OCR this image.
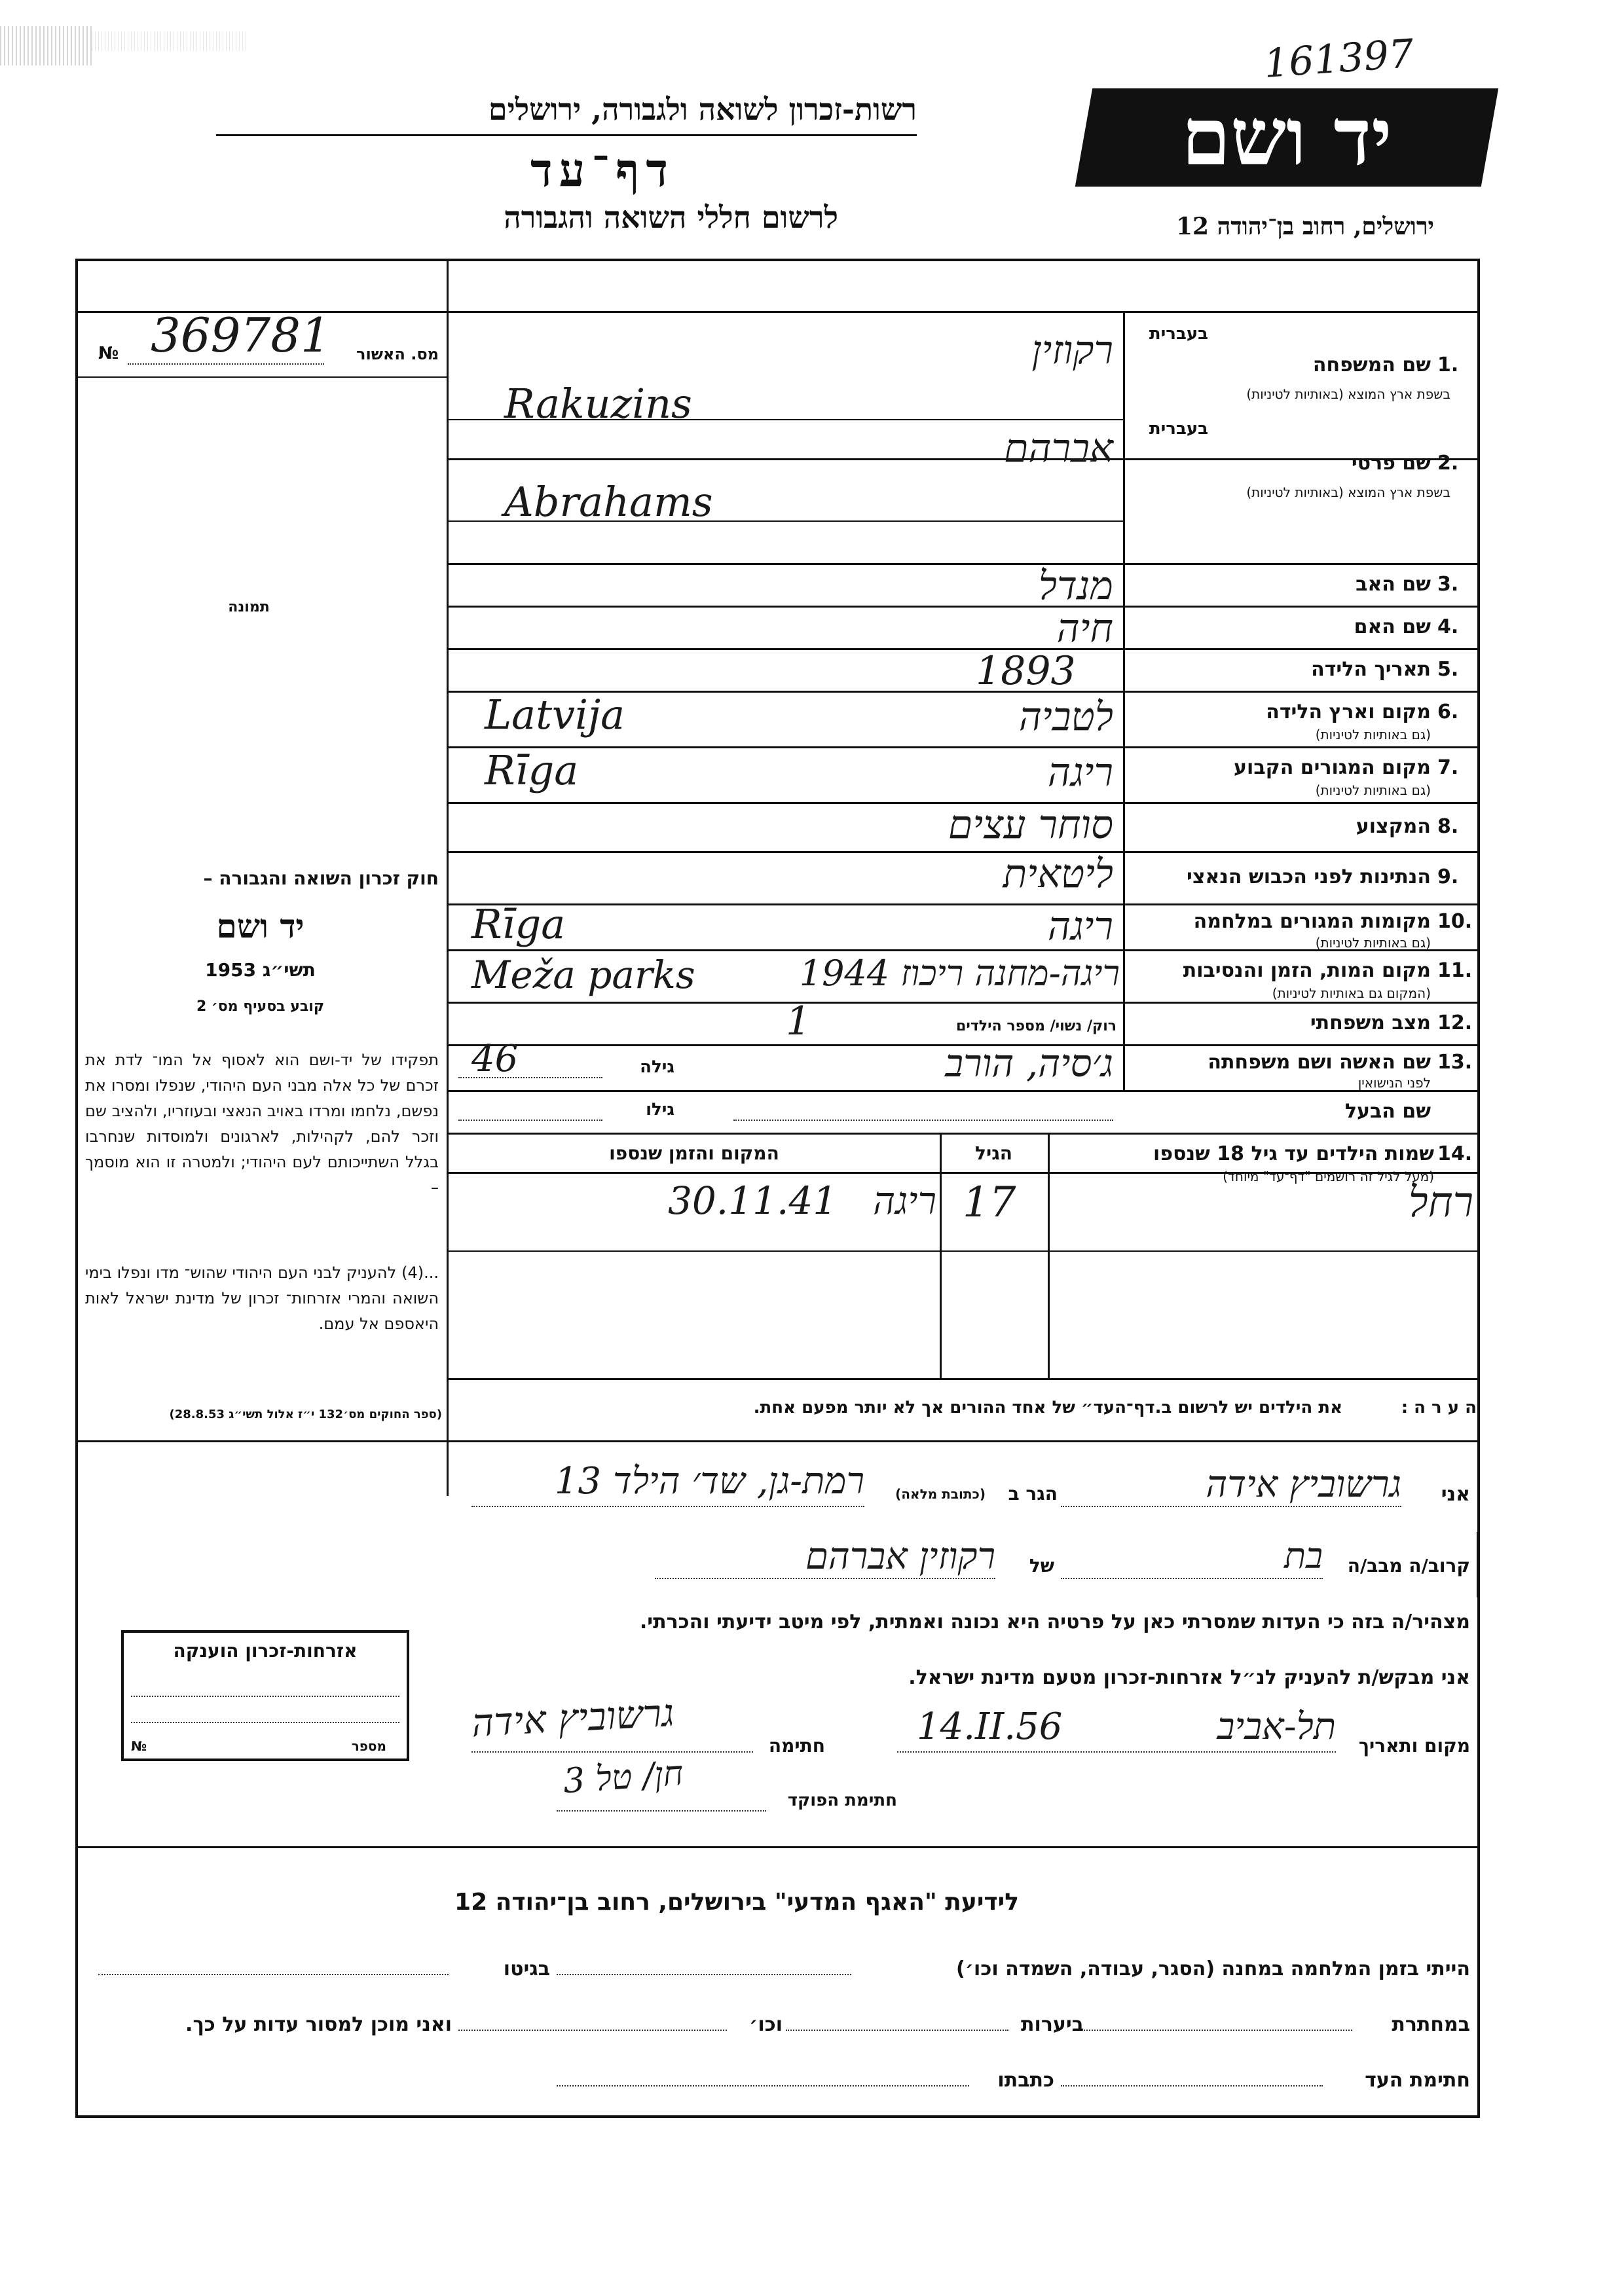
161397
יד ושם
רשות-זכרון לשואה ולגבורה, ירושלים
דף־עד
לרשום חללי השואה והגבורה	ירושלים, רחוב בן־יהודה 12
№ 369781	מס. האשור
תמונה
חוק זכרון השואה והגבורה –
יד ושם
תשי״ג 1953
קובע בסעיף מס׳ 2
תפקידו של יד-ושם הוא לאסוף אל המו־ לדת את זכרם של כל אלה מבני העם היהודי, שנפלו ומסרו את נפשם, נלחמו ומרדו באויב הנאצי ובעוזריו, ולהציב שם וזכר להם, לקהילות, לארגונים ולמוסדות שנחרבו בגלל השתייכותם לעם היהודי; ולמטרה זו הוא מוסמך –
...(4) להעניק לבני העם היהודי שהוש־ מדו ונפלו בימי השואה והמרי אזרחות־ זכרון של מדינת ישראל לאות היאספם אל עמם.
(ספר החוקים מס׳132 י״ז אלול תשי״ג 28.8.53)
אזרחות-זכרון הוענקה
מספר
№
בעברית
1.
שם המשפחה
בשפת ארץ המוצא (באותיות לטיניות)
רקוזין
Rakuzins
בעברית
2.
שם פרטי
בשפת ארץ המוצא (באותיות לטיניות)
אברהם
Abrahams
3.
שם האב
מנדל
4.
שם האם
חיה
5.
תאריך הלידה
1893
6.
מקום וארץ הלידה
(גם באותיות לטיניות)
לטביה
Latvija
7.
מקום המגורים הקבוע
(גם באותיות לטיניות)
ריגה
Rīga
8.
המקצוע
סוחר עצים
9.
הנתינות לפני הכבוש הנאצי
ליטאית
10.
מקומות המגורים במלחמה
(גם באותיות לטיניות)
ריגה
Rīga
11.
מקום המות, הזמן והנסיבות
(המקום גם באותיות לטיניות)
ריגה-מחנה ריכוז 1944
Meža parks
12.
מצב משפחתי
רוק/ נשוי/ מספר הילדים
1
13.
שם האשה ושם משפחתה
לפני הנישואין
ג׳סיה, הורב
גילה
46
שם הבעל
גילו
14.
שמות הילדים עד גיל 18 שנספו
(מעל לגיל זה רושמים "דף־עד" מיוחד)
הגיל
המקום והזמן שנספו
רחל
17
ריגה
30.11.41
את הילדים יש לרשום ב.דף־העד״ של אחד ההורים אך לא יותר מפעם אחת.	ה ע ר ה :
אני
גרשוביץ אידה
הגר ב
(כתובת מלאה)
רמת-גן, שד׳ הילד 13
קרוב/ה מבב/ה
בת
של
רקוזין אברהם
מצהיר/ה בזה כי העדות שמסרתי כאן על פרטיה היא נכונה ואמתית, לפי מיטב ידיעתי והכרתי.
אני מבקש/ת להעניק לנ״ל אזרחות-זכרון מטעם מדינת ישראל.
מקום ותאריך
תל-אביב
14.II.56
חתימה
גרשוביץ אידה
חתימת הפוקד
3 חן/ טל
לידיעת "האגף המדעי" בירושלים, רחוב בן־יהודה 12
הייתי בזמן המלחמה במחנה (הסגר, עבודה, השמדה וכו׳)
בגיטו
במחתרת
ביערות
וכו׳
ואני מוכן למסור עדות על כך.
חתימת העד
כתבתו
